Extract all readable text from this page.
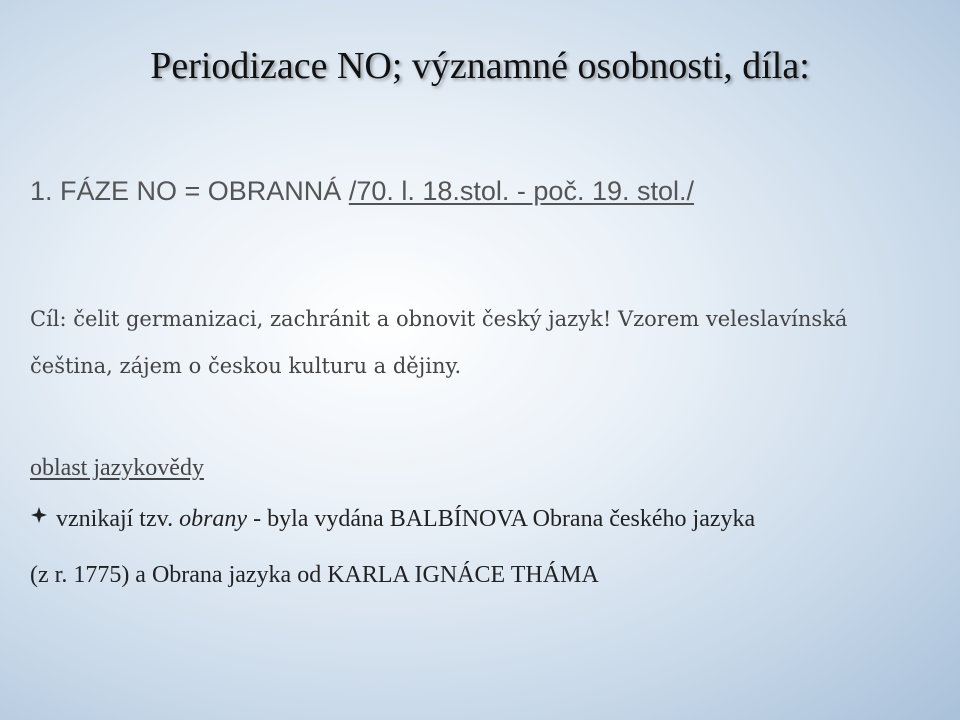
Periodizace NO; významné osobnosti, díla:
1. FÁZE NO = OBRANNÁ /70. l. 18.stol. - poč. 19. stol./
Cíl: čelit germanizaci, zachránit a obnovit český jazyk! Vzorem veleslavínská čeština, zájem o českou kulturu a dějiny.
oblast jazykovědy
vznikají tzv. obrany - byla vydána BALBÍNOVA Obrana českého jazyka
(z r. 1775) a Obrana jazyka od KARLA IGNÁCE THÁMA
